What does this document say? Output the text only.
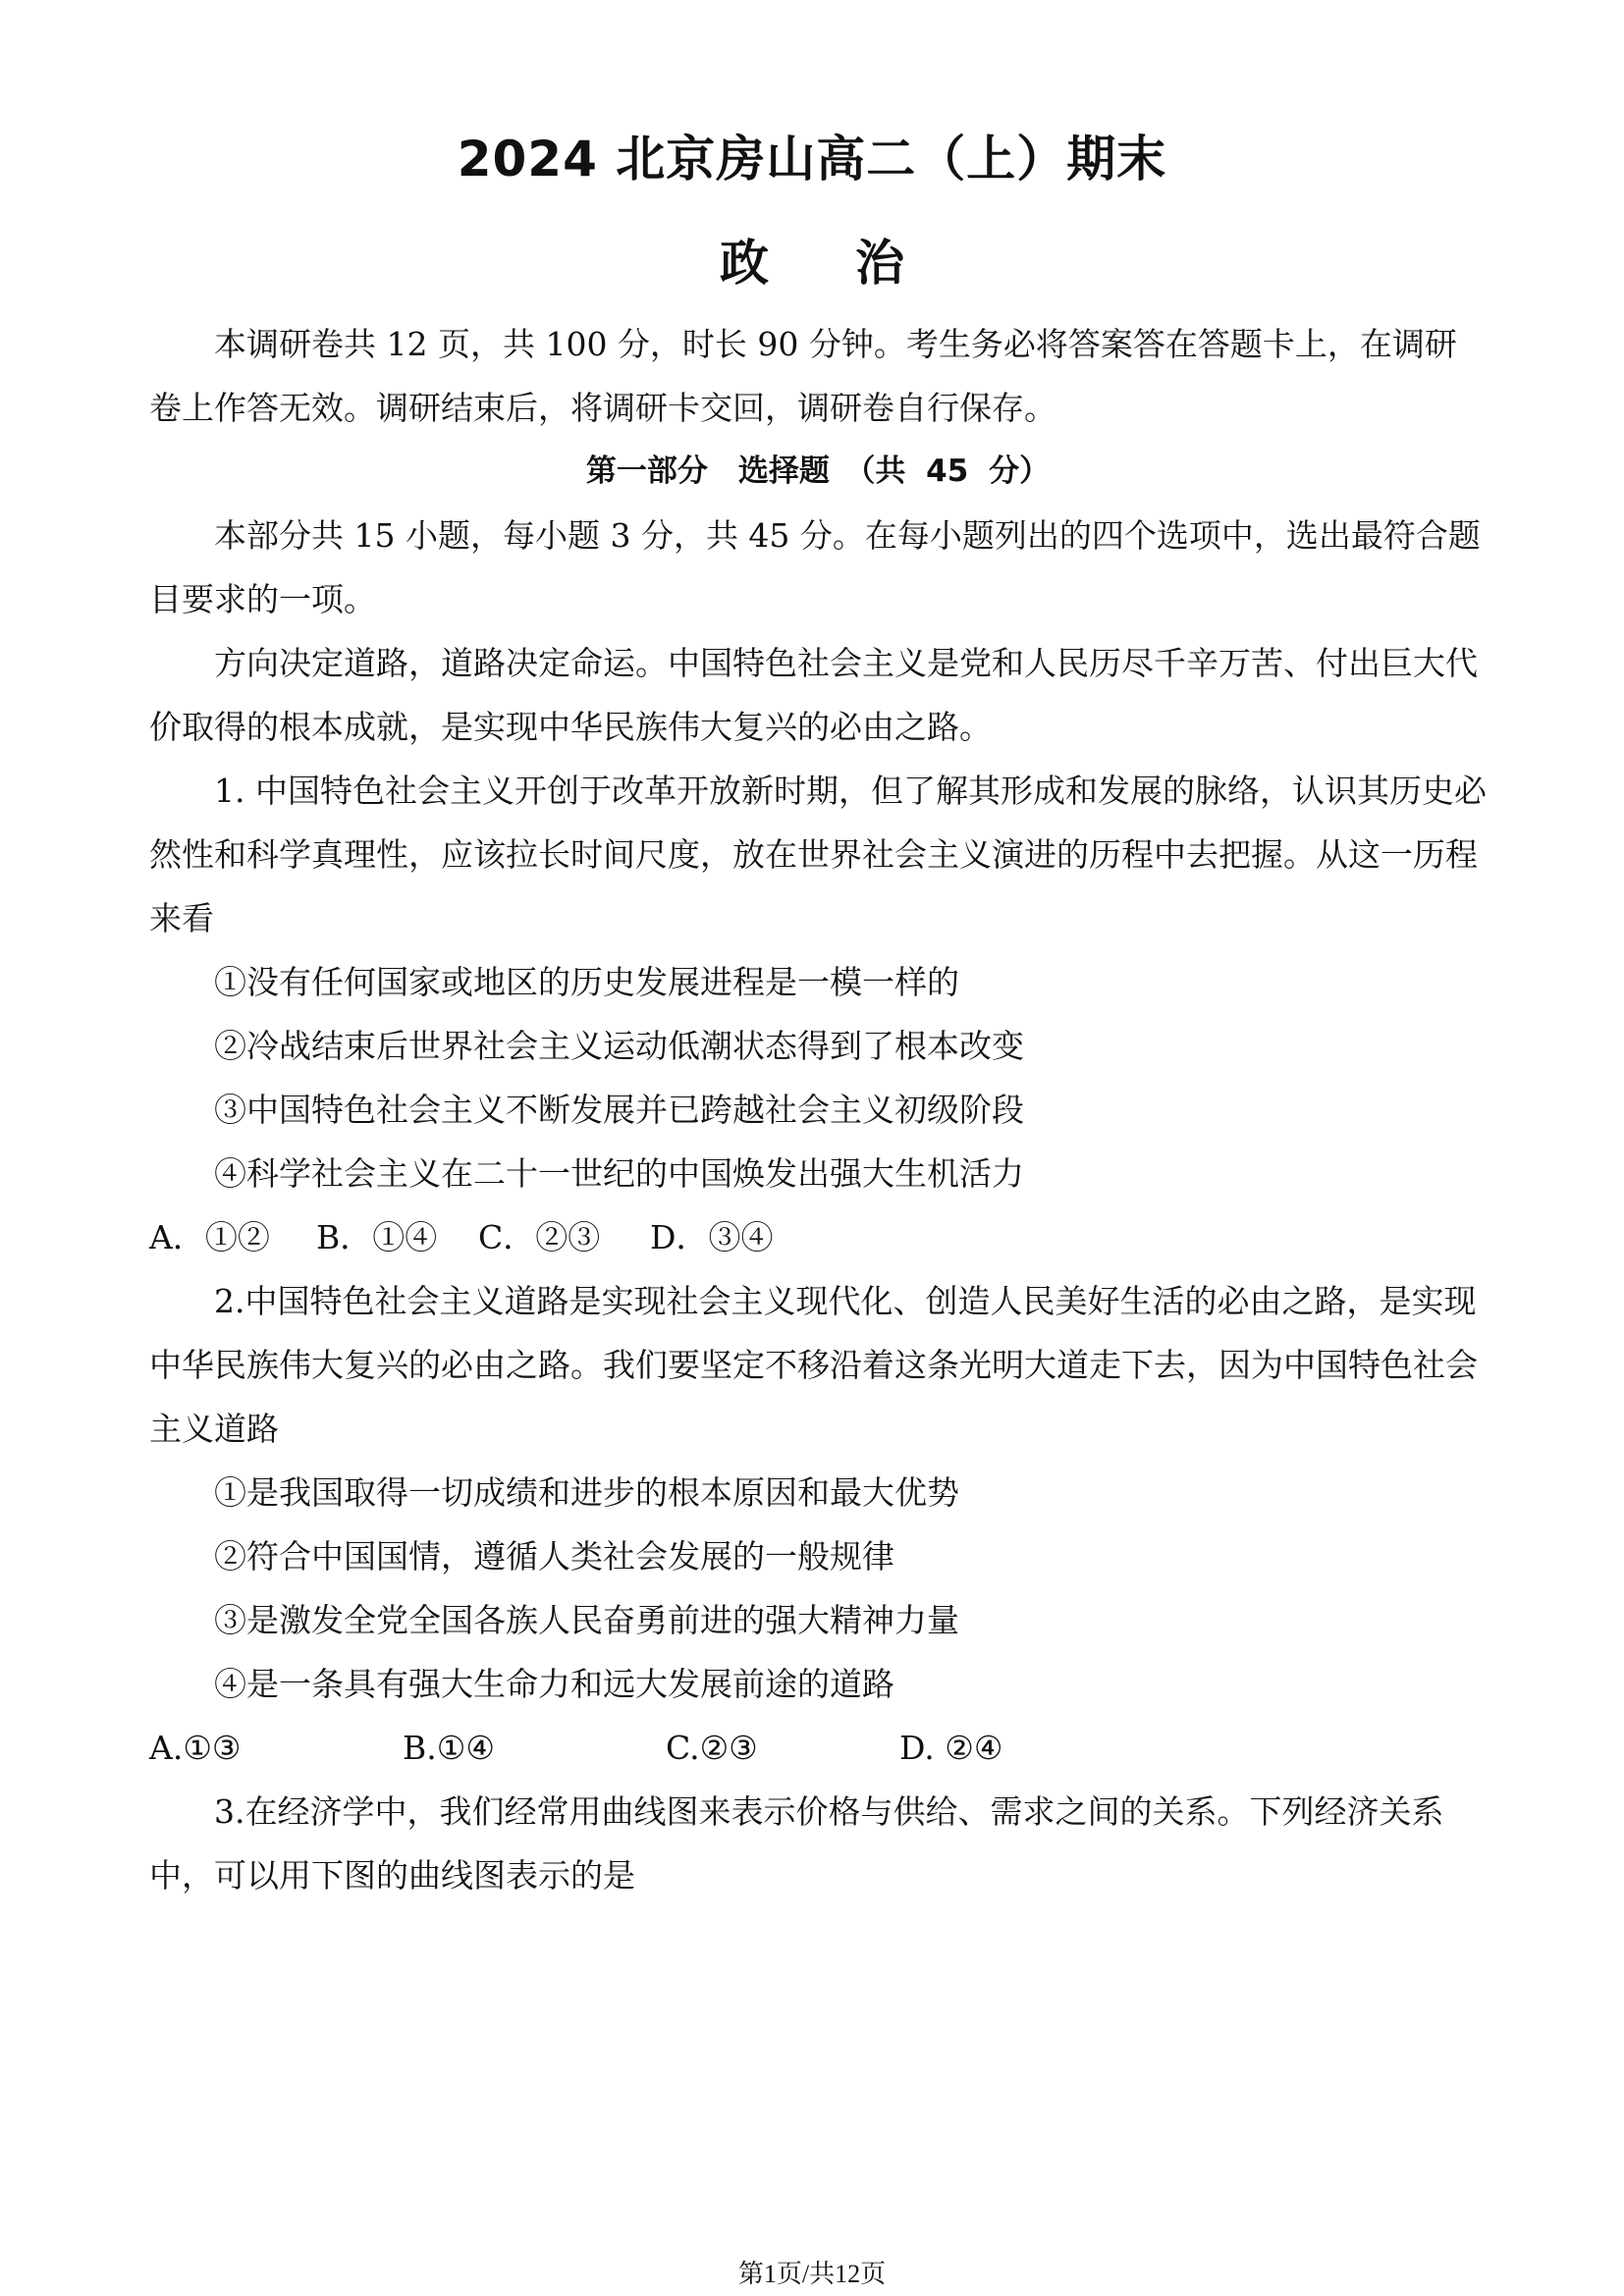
2024 北京房山高二（上）期末
政治

本调研卷共 12 页，共 100 分，时长 90 分钟。考生务必将答案答在答题卡上，在调研卷上作答无效。调研结束后，将调研卡交回，调研卷自行保存。

第一部分　选择题　（共 45 分）

本部分共 15 小题，每小题 3 分，共 45 分。在每小题列出的四个选项中，选出最符合题目要求的一项。

方向决定道路，道路决定命运。中国特色社会主义是党和人民历尽千辛万苦、付出巨大代价取得的根本成就，是实现中华民族伟大复兴的必由之路。

1. 中国特色社会主义开创于改革开放新时期，但了解其形成和发展的脉络，认识其历史必然性和科学真理性，应该拉长时间尺度，放在世界社会主义演进的历程中去把握。从这一历程来看

①没有任何国家或地区的历史发展进程是一模一样的

②冷战结束后世界社会主义运动低潮状态得到了根本改变

③中国特色社会主义不断发展并已跨越社会主义初级阶段

④科学社会主义在二十一世纪的中国焕发出强大生机活力

A．①② B．①④ C．②③ D．③④

2.中国特色社会主义道路是实现社会主义现代化、创造人民美好生活的必由之路，是实现中华民族伟大复兴的必由之路。我们要坚定不移沿着这条光明大道走下去，因为中国特色社会主义道路

①是我国取得一切成绩和进步的根本原因和最大优势

②符合中国国情，遵循人类社会发展的一般规律

③是激发全党全国各族人民奋勇前进的强大精神力量

④是一条具有强大生命力和远大发展前途的道路

A.①③	B.①④	C.②③	D. ②④

3.在经济学中，我们经常用曲线图来表示价格与供给、需求之间的关系。下列经济关系中，可以用下图的曲线图表示的是

第1页/共12页
